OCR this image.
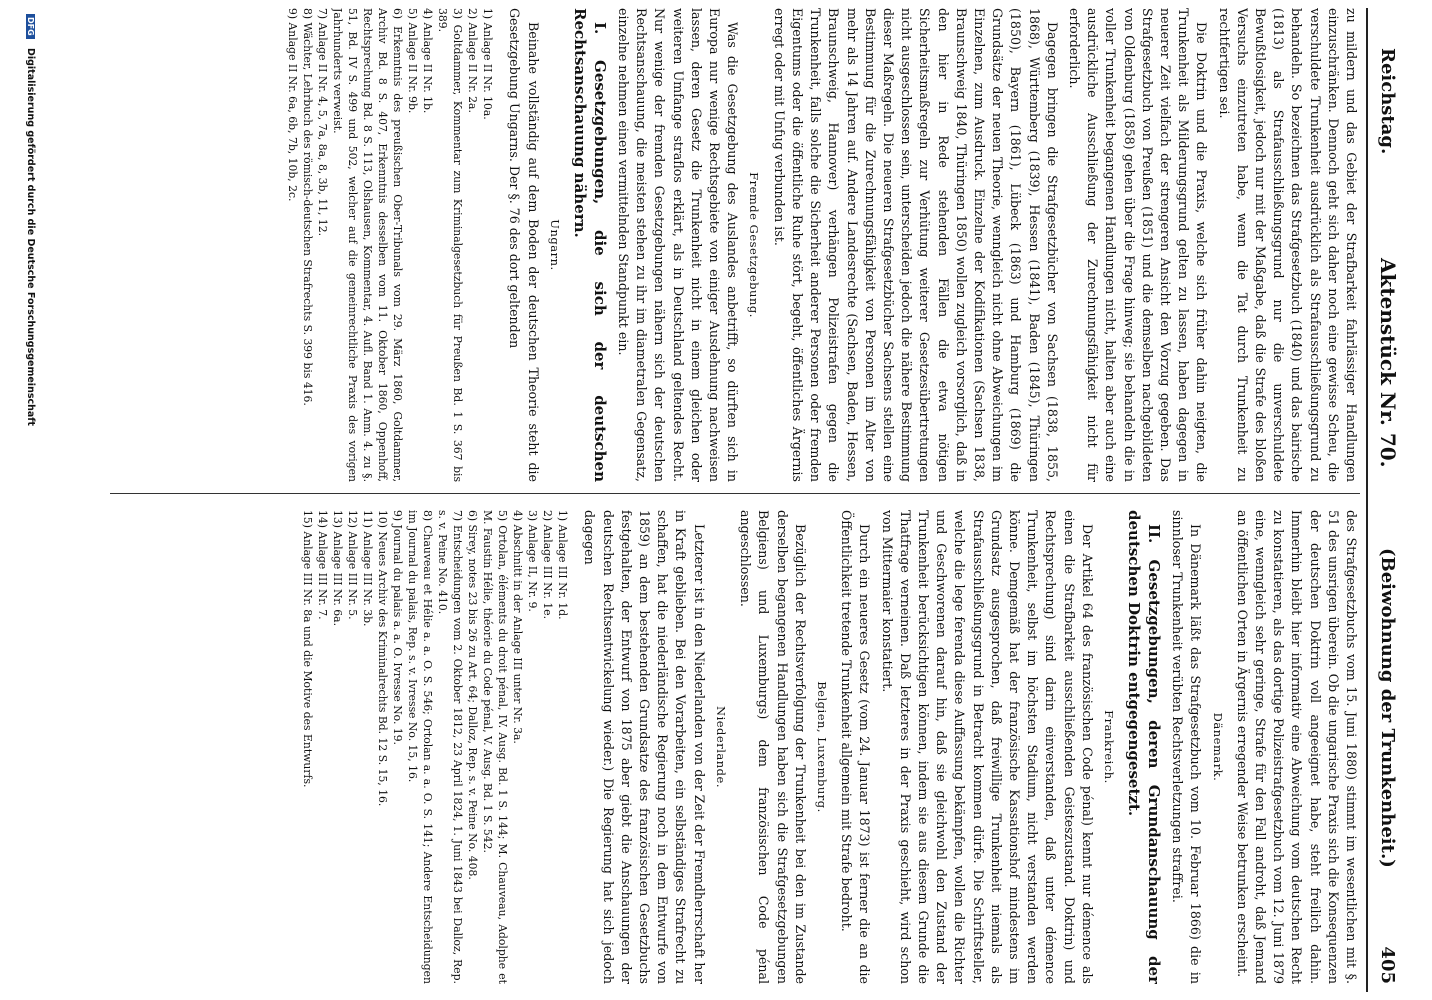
Reichstag.
Aktenstück Nr. 70.
(Beiwohnung der Trunkenheit.)
405

zu mildern und das Gebiet der Strafbarkeit fahrlässiger Handlungen einzuschränken. Dennoch geht sich daher noch eine gewisse Scheu, die verschuldete Trunkenheit ausdrücklich als Strafausschließungsgrund zu behandeln. So bezeichnen das Strafgesetzbuch (1840) und das bairische (1813) als Strafausschließungsgrund nur die unverschuldete Bewußtlosigkeit, jedoch nur mit der Maßgabe, daß die Strafe des bloßen Versuchs einzutreten habe, wenn die Tat durch Trunkenheit zu rechtfertigen sei.

Die Doktrin und die Praxis, welche sich früher dahin neigten, die Trunkenheit als Milderungsgrund gelten zu lassen, haben dagegen in neuerer Zeit vielfach der strengeren Ansicht den Vorzug gegeben. Das Strafgesetzbuch von Preußen (1851) und die demselben nachgebildeten von Oldenburg (1858) gehen über die Frage hinweg; sie behandeln die in voller Trunkenheit begangenen Handlungen nicht, halten aber auch eine ausdrückliche Ausschließung der Zurechnungsfähigkeit nicht für erforderlich.

Dagegen bringen die Strafgesetzbücher von Sachsen (1838, 1855, 1868), Württemberg (1839), Hessen (1841), Baden (1845), Thüringen (1850), Bayern (1861), Lübeck (1863) und Hamburg (1869) die Grundsätze der neuen Theorie, wenngleich nicht ohne Abweichungen im Einzelnen, zum Ausdruck. Einzelne der Kodifikationen (Sachsen 1838, Braunschweig 1840, Thüringen 1850) wollen zugleich vorsorglich, daß in den hier in Rede stehenden Fällen die etwa nötigen Sicherheitsmaßregeln zur Verhütung weiterer Gesetzesübertretungen nicht ausgeschlossen sein, unterscheiden jedoch die nähere Bestimmung dieser Maßregeln. Die neueren Strafgesetzbücher Sachsens stellen eine Bestimmung für die Zurechnungsfähigkeit von Personen im Alter von mehr als 14 Jahren auf. Andere Landesrechte (Sachsen, Baden, Hessen, Braunschweig, Hannover) verhängen Polizeistrafen gegen die Trunkenheit, falls solche die Sicherheit anderer Personen oder fremden Eigentums oder die öffentliche Ruhe stört, begeht, öffentliches Ärgernis erregt oder mit Unfug verbunden ist.

Fremde Gesetzgebung.

Was die Gesetzgebung des Auslandes anbetrifft, so dürften sich in Europa nur wenige Rechtsgebiete von einiger Ausdehnung nachweisen lassen, deren Gesetz die Trunkenheit nicht in einem gleichen oder weiteren Umfange straflos erklärt, als in Deutschland geltendes Recht. Nur wenige der fremden Gesetzgebungen nähern sich der deutschen Rechtsanschauung, die meisten stehen zu ihr im diametralen Gegensatz, einzelne nehmen einen vermittelnden Standpunkt ein.

I. Gesetzgebungen, die sich der deutschen Rechtsanschauung nähern.

Ungarn.

Beinahe vollständig auf dem Boden der deutschen Theorie steht die Gesetzgebung Ungarns. Der §. 76 des dort geltenden

1) Anlage II Nr. 10a.
2) Anlage II Nr. 2a.
3) Goltdammer, Kommentar zum Kriminalgesetzbuch für Preußen Bd. 1 S. 367 bis 389.
4) Anlage II Nr. 1b.
5) Anlage II Nr. 9b.
6) Erkenntnis des preußischen Ober-Tribunals vom 29. März 1860, Goltdammer, Archiv Bd. 8 S. 407, Erkenntnis desselben vom 11. Oktober 1860, Oppenhoff, Rechtsprechung Bd. 8 S. 113, Olshausen, Kommentar, 4. Aufl. Band 1. Anm. 4. zu §. 51, Bd. IV S. 499 und 502, welcher auf die gemeinrechtliche Praxis des vorigen Jahrhunderts verweist.
7) Anlage II Nr. 4, 5, 7a, 8a, 8, 3b, 11, 12.
8) Wächter, Lehrbuch des römisch-deutschen Strafrechts S. 399 bis 416.
9) Anlage II Nr. 6a, 6b, 7b, 10b, 2c.

des Strafgesetzbuchs vom 15. Juni 1880) stimmt im wesentlichen mit §. 51 des unsrigen überein. Ob die ungarische Praxis sich die Konsequenzen der deutschen Doktrin voll angeeignet habe, steht freilich dahin. Immerhin bleibt hier informativ eine Abweichung vom deutschen Recht zu konstatieren, als das dortige Polizeistrafgesetzbuch vom 12. Juni 1879 eine, wenngleich sehr geringe, Strafe für den Fall androht, daß Jemand an öffentlichen Orten in Ärgernis erregender Weise betrunken erscheint.

Dänemark.

In Dänemark läßt das Strafgesetzbuch vom 10. Februar 1866) die in sinnloser Trunkenheit verübten Rechtsverletzungen straffrei.

II. Gesetzgebungen, deren Grundanschauung der deutschen Doktrin entgegengesetzt.

Frankreich.

Der Artikel 64 des französischen Code pénal) kennt nur démence als einen die Strafbarkeit ausschließenden Geisteszustand. Doktrin) und Rechtsprechung) sind darin einverstanden, daß unter démence Trunkenheit, selbst im höchsten Stadium, nicht verstanden werden könne. Demgemäß hat der französische Kassationshof mindestens im Grundsatz ausgesprochen, daß freiwillige Trunkenheit niemals als Strafausschließungsgrund in Betracht kommen dürfe. Die Schriftsteller, welche die lege ferenda diese Auffassung bekämpfen, wollen die Richter und Geschworenen darauf hin, daß sie gleichwohl den Zustand der Trunkenheit berücksichtigen können, indem sie aus diesem Grunde die Thatfrage verneinen. Daß letzteres in der Praxis geschieht, wird schon von Mittermaier konstatiert.

Durch ein neueres Gesetz (vom 24. Januar 1873) ist ferner die an die Öffentlichkeit tretende Trunkenheit allgemein mit Strafe bedroht.

Belgien, Luxemburg.

Bezüglich der Rechtsverfolgung der Trunkenheit bei den im Zustande derselben begangenen Handlungen haben sich die Strafgesetzgebungen Belgiens) und Luxemburgs) dem französischen Code pénal angeschlossen.

Niederlande.

Letzterer ist in den Niederlanden von der Zeit der Fremdherrschaft her in Kraft geblieben. Bei den Vorarbeiten, ein selbständiges Strafrecht zu schaffen, hat die niederländische Regierung noch in dem Entwurfe von 1859) an dem bestehenden Grundsatze des französischen Gesetzbuchs festgehalten, der Entwurf von 1875 aber giebt die Anschauungen der deutschen Rechtsentwickelung wieder.) Die Regierung hat sich jedoch dagegen

1) Anlage III Nr. 1d.
2) Anlage III Nr. 1e.
3) Anlage II, Nr. 9.
4) Abschnitt in der Anlage III unter Nr. 3a.
5) Ortolan, éléments du droit pénal, IV. Ausg. Bd. 1 S. 144; M. Chauveau, Adolphe et M. Faustin Hélie, théorie du Code pénal, V. Ausg. Bd. 1 S. 542.
6) Sirey, notes 23 bis 26 zu Art. 64; Dalloz, Rep. s. v. Peine No. 408.
7) Entscheidungen vom 2. Oktober 1812, 23 April 1824, 1. Juni 1843 bei Dalloz, Rep. s. v. Peine No. 410.
8) Chauveau et Hélie a. a. O. S. 546; Ortolan a. a. O. S. 141; Andere Entscheidungen im Journal du palais, Rep. s. v. Ivresse No. 15, 16.
9) Journal du palais a. a. O. Ivresse No. 19.
10) Neues Archiv des Kriminalrechts Bd. 12 S. 15, 16.
11) Anlage III Nr. 3b.
12) Anlage III Nr. 5.
13) Anlage III Nr. 6a.
14) Anlage III Nr. 7.
15) Anlage III Nr. 8a und die Motive des Entwurfs.
DFG Digitalisierung gefördert durch die Deutsche Forschungsgemeinschaft
